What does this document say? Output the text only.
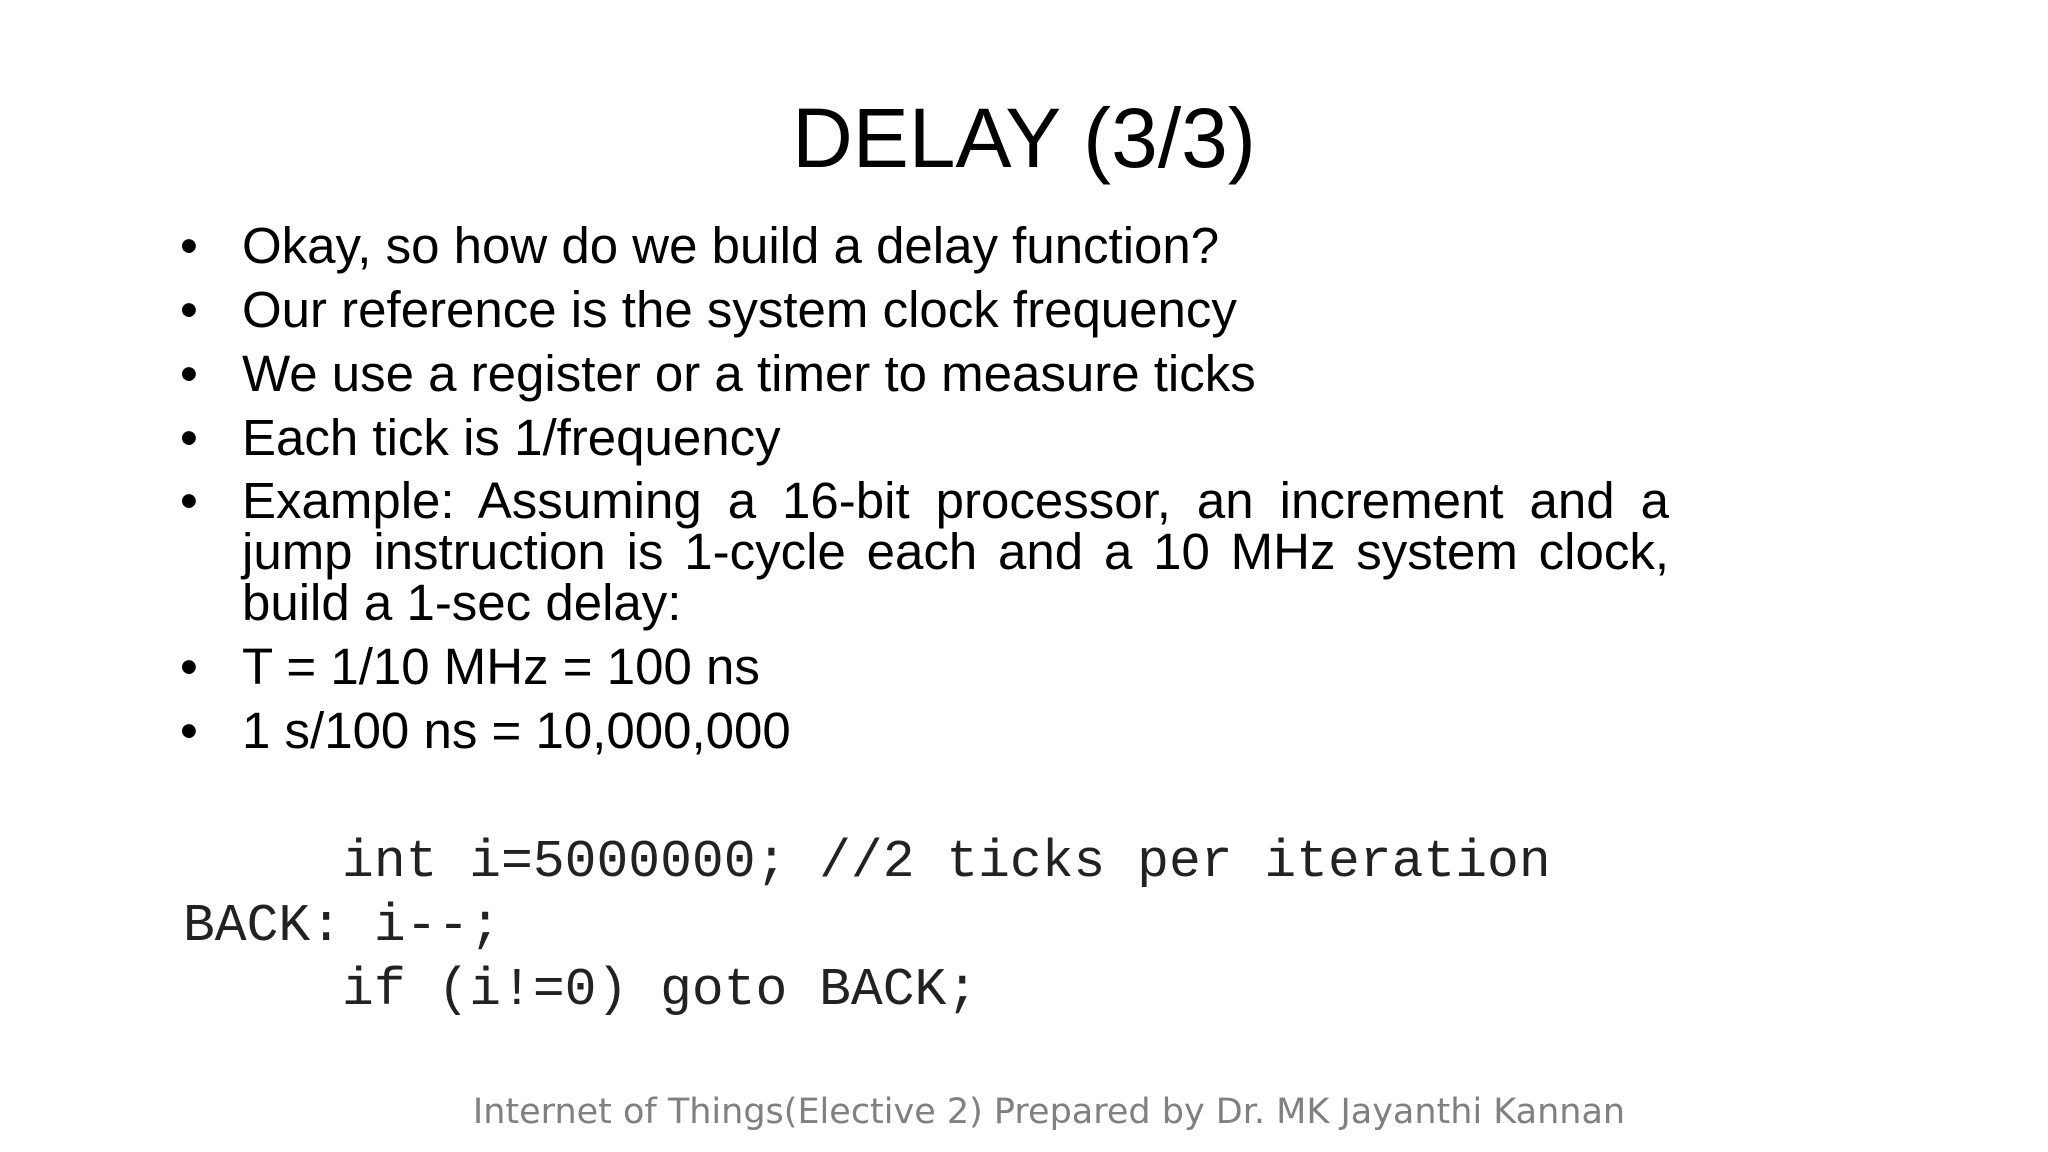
DELAY (3/3)
• Okay, so how do we build a delay function?
• Our reference is the system clock frequency
• We use a register or a timer to measure ticks
• Each tick is 1/frequency
• Example: Assuming a 16-bit processor, an increment and a jump instruction is 1-cycle each and a 10 MHz system clock, build a 1-sec delay:
• T = 1/10 MHz = 100 ns
• 1 s/100 ns = 10,000,000
int i=5000000; //2 ticks per iteration
BACK: i--;
if (i!=0) goto BACK;
Internet of Things(Elective 2) Prepared by Dr. MK Jayanthi Kannan
